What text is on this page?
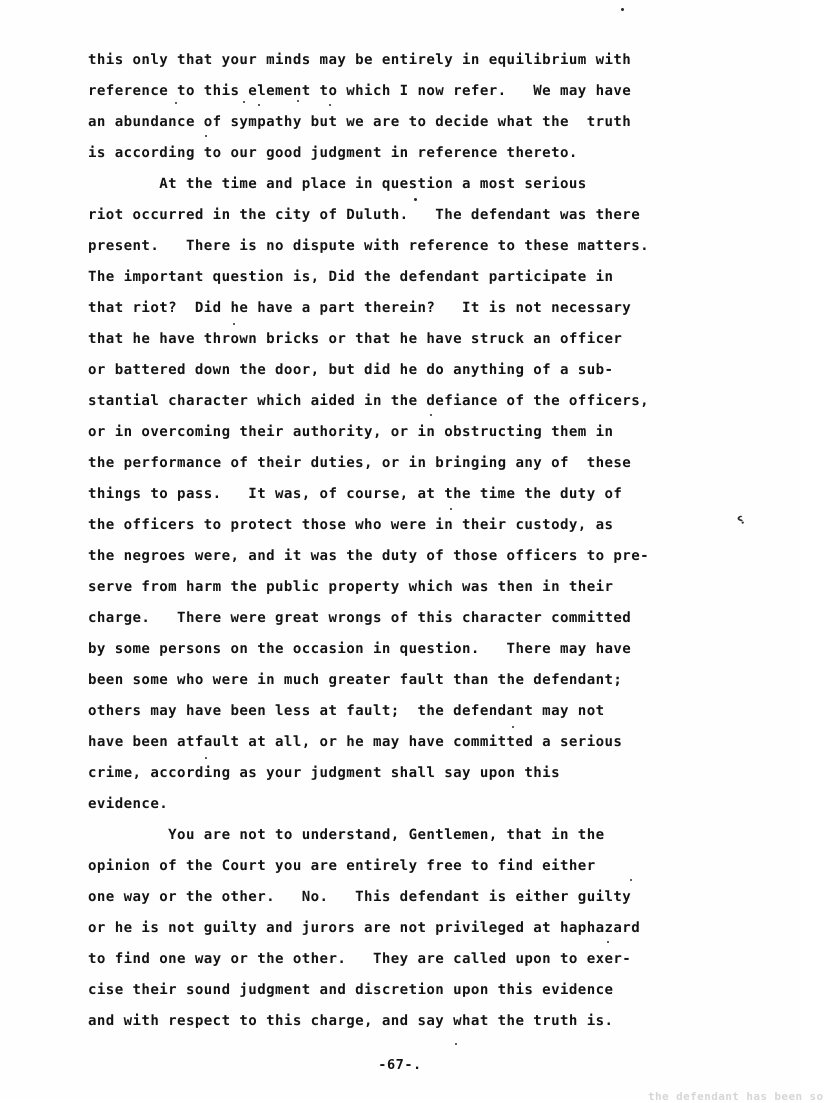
this only that your minds may be entirely in equilibrium with
reference to this element to which I now refer.   We may have
an abundance of sympathy but we are to decide what the  truth
is according to our good judgment in reference thereto.
At the time and place in question a most serious
riot occurred in the city of Duluth.   The defendant was there
present.   There is no dispute with reference to these matters.
The important question is, Did the defendant participate in
that riot?  Did he have a part therein?   It is not necessary
that he have thrown bricks or that he have struck an officer
or battered down the door, but did he do anything of a sub-
stantial character which aided in the defiance of the officers,
or in overcoming their authority, or in obstructing them in
the performance of their duties, or in bringing any of  these
things to pass.   It was, of course, at the time the duty of
the officers to protect those who were in their custody, as
the negroes were, and it was the duty of those officers to pre-
serve from harm the public property which was then in their
charge.   There were great wrongs of this character committed
by some persons on the occasion in question.   There may have
been some who were in much greater fault than the defendant;
others may have been less at fault;  the defendant may not
have been atfault at all, or he may have committed a serious
crime, according as your judgment shall say upon this
evidence.
You are not to understand, Gentlemen, that in the
opinion of the Court you are entirely free to find either
one way or the other.   No.   This defendant is either guilty
or he is not guilty and jurors are not privileged at haphazard
to find one way or the other.   They are called upon to exer-
cise their sound judgment and discretion upon this evidence
and with respect to this charge, and say what the truth is.
⸮
the defendant has been so
-67-.
